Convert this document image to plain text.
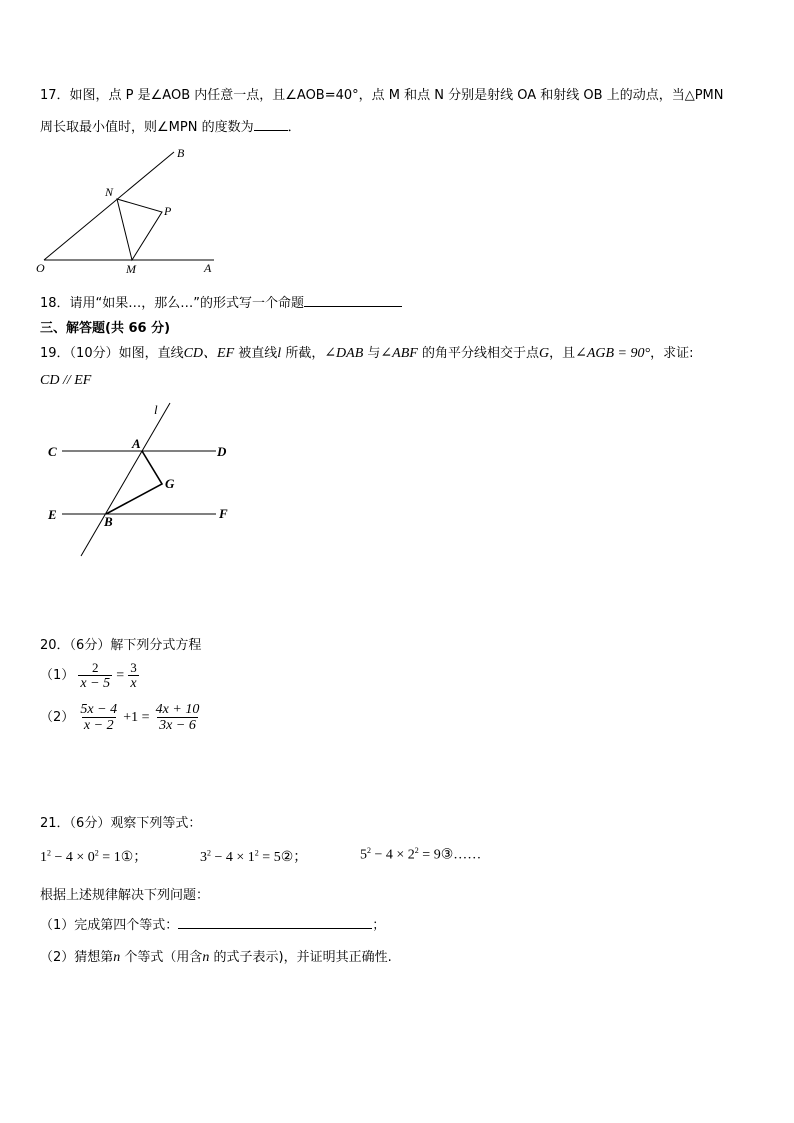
17．如图，点 P 是∠AOB 内任意一点，且∠AOB=40°，点 M 和点 N 分别是射线 OA 和射线 OB 上的动点，当△PMN
周长取最小值时，则∠MPN 的度数为	．
B
N
P
O	M	A
18．请用“如果…，那么…”的形式写一个命题
三、解答题(共 66 分)
19．（10分）如图，直线CD、EF 被直线l 所截，∠DAB 与∠ABF 的角平分线相交于点G，且∠AGB = 90°，求证:
CD // EF
l
C
A
D
G
E	B
F
20．（6分）解下列分式方程
$(1) \frac{2}{x - 5} = \frac{3}{x}$
$(2) \frac{5x - 4}{x - 2} +1 = \frac{4x + 10}{3x - 6}$
21．（6分）观察下列等式：
$1^2 - 4 \times 0^2$ = 1①；	$3^2 - 4 \times 1^2$ = 5②；	$5^2 - 4 \times 2^2$ = 9③……
根据上述规律解决下列问题：
（1）完成第四个等式：	；
（2）猜想第n 个等式（用含n 的式子表示)，并证明其正确性.
